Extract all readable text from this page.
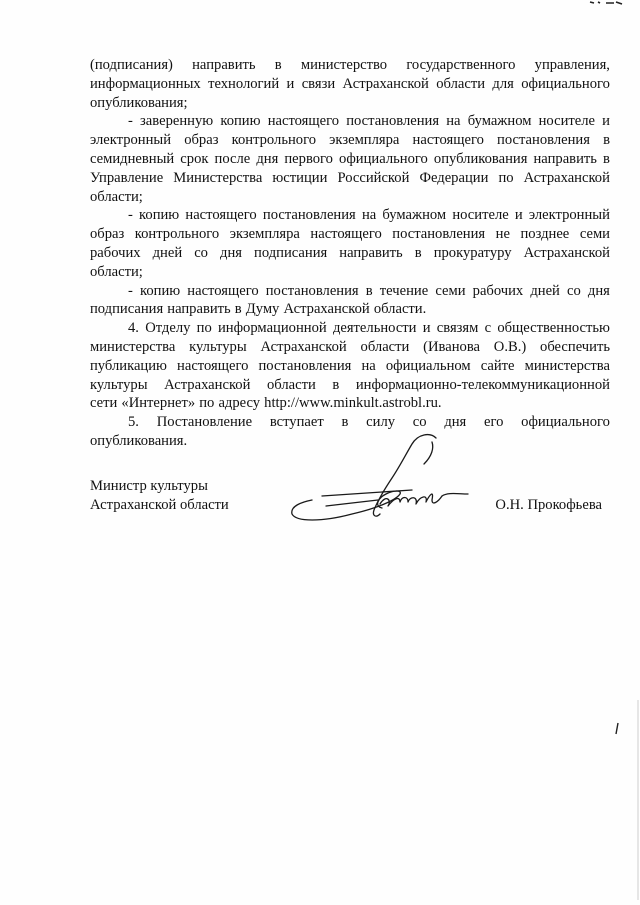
(подписания) направить в министерство государственного управления,
информационных технологий и связи Астраханской области для официального
опубликования;
- заверенную копию настоящего постановления на бумажном носителе и
электронный образ контрольного экземпляра настоящего постановления в
семидневный срок после дня первого официального опубликования направить в
Управление Министерства юстиции Российской Федерации по Астраханской
области;
- копию настоящего постановления на бумажном носителе и электронный
образ контрольного экземпляра настоящего постановления не позднее семи
рабочих дней со дня подписания направить в прокуратуру Астраханской
области;
- копию настоящего постановления в течение семи рабочих дней со дня
подписания направить в Думу Астраханской области.
4. Отделу по информационной деятельности и связям с общественностью
министерства культуры Астраханской области (Иванова О.В.) обеспечить
публикацию настоящего постановления на официальном сайте министерства
культуры Астраханской области в информационно-телекоммуникационной
сети «Интернет» по адресу http://www.minkult.astrobl.ru.
5. Постановление вступает в силу со дня его официального
опубликования.
Министр культуры
Астраханской области	О.Н. Прокофьева
